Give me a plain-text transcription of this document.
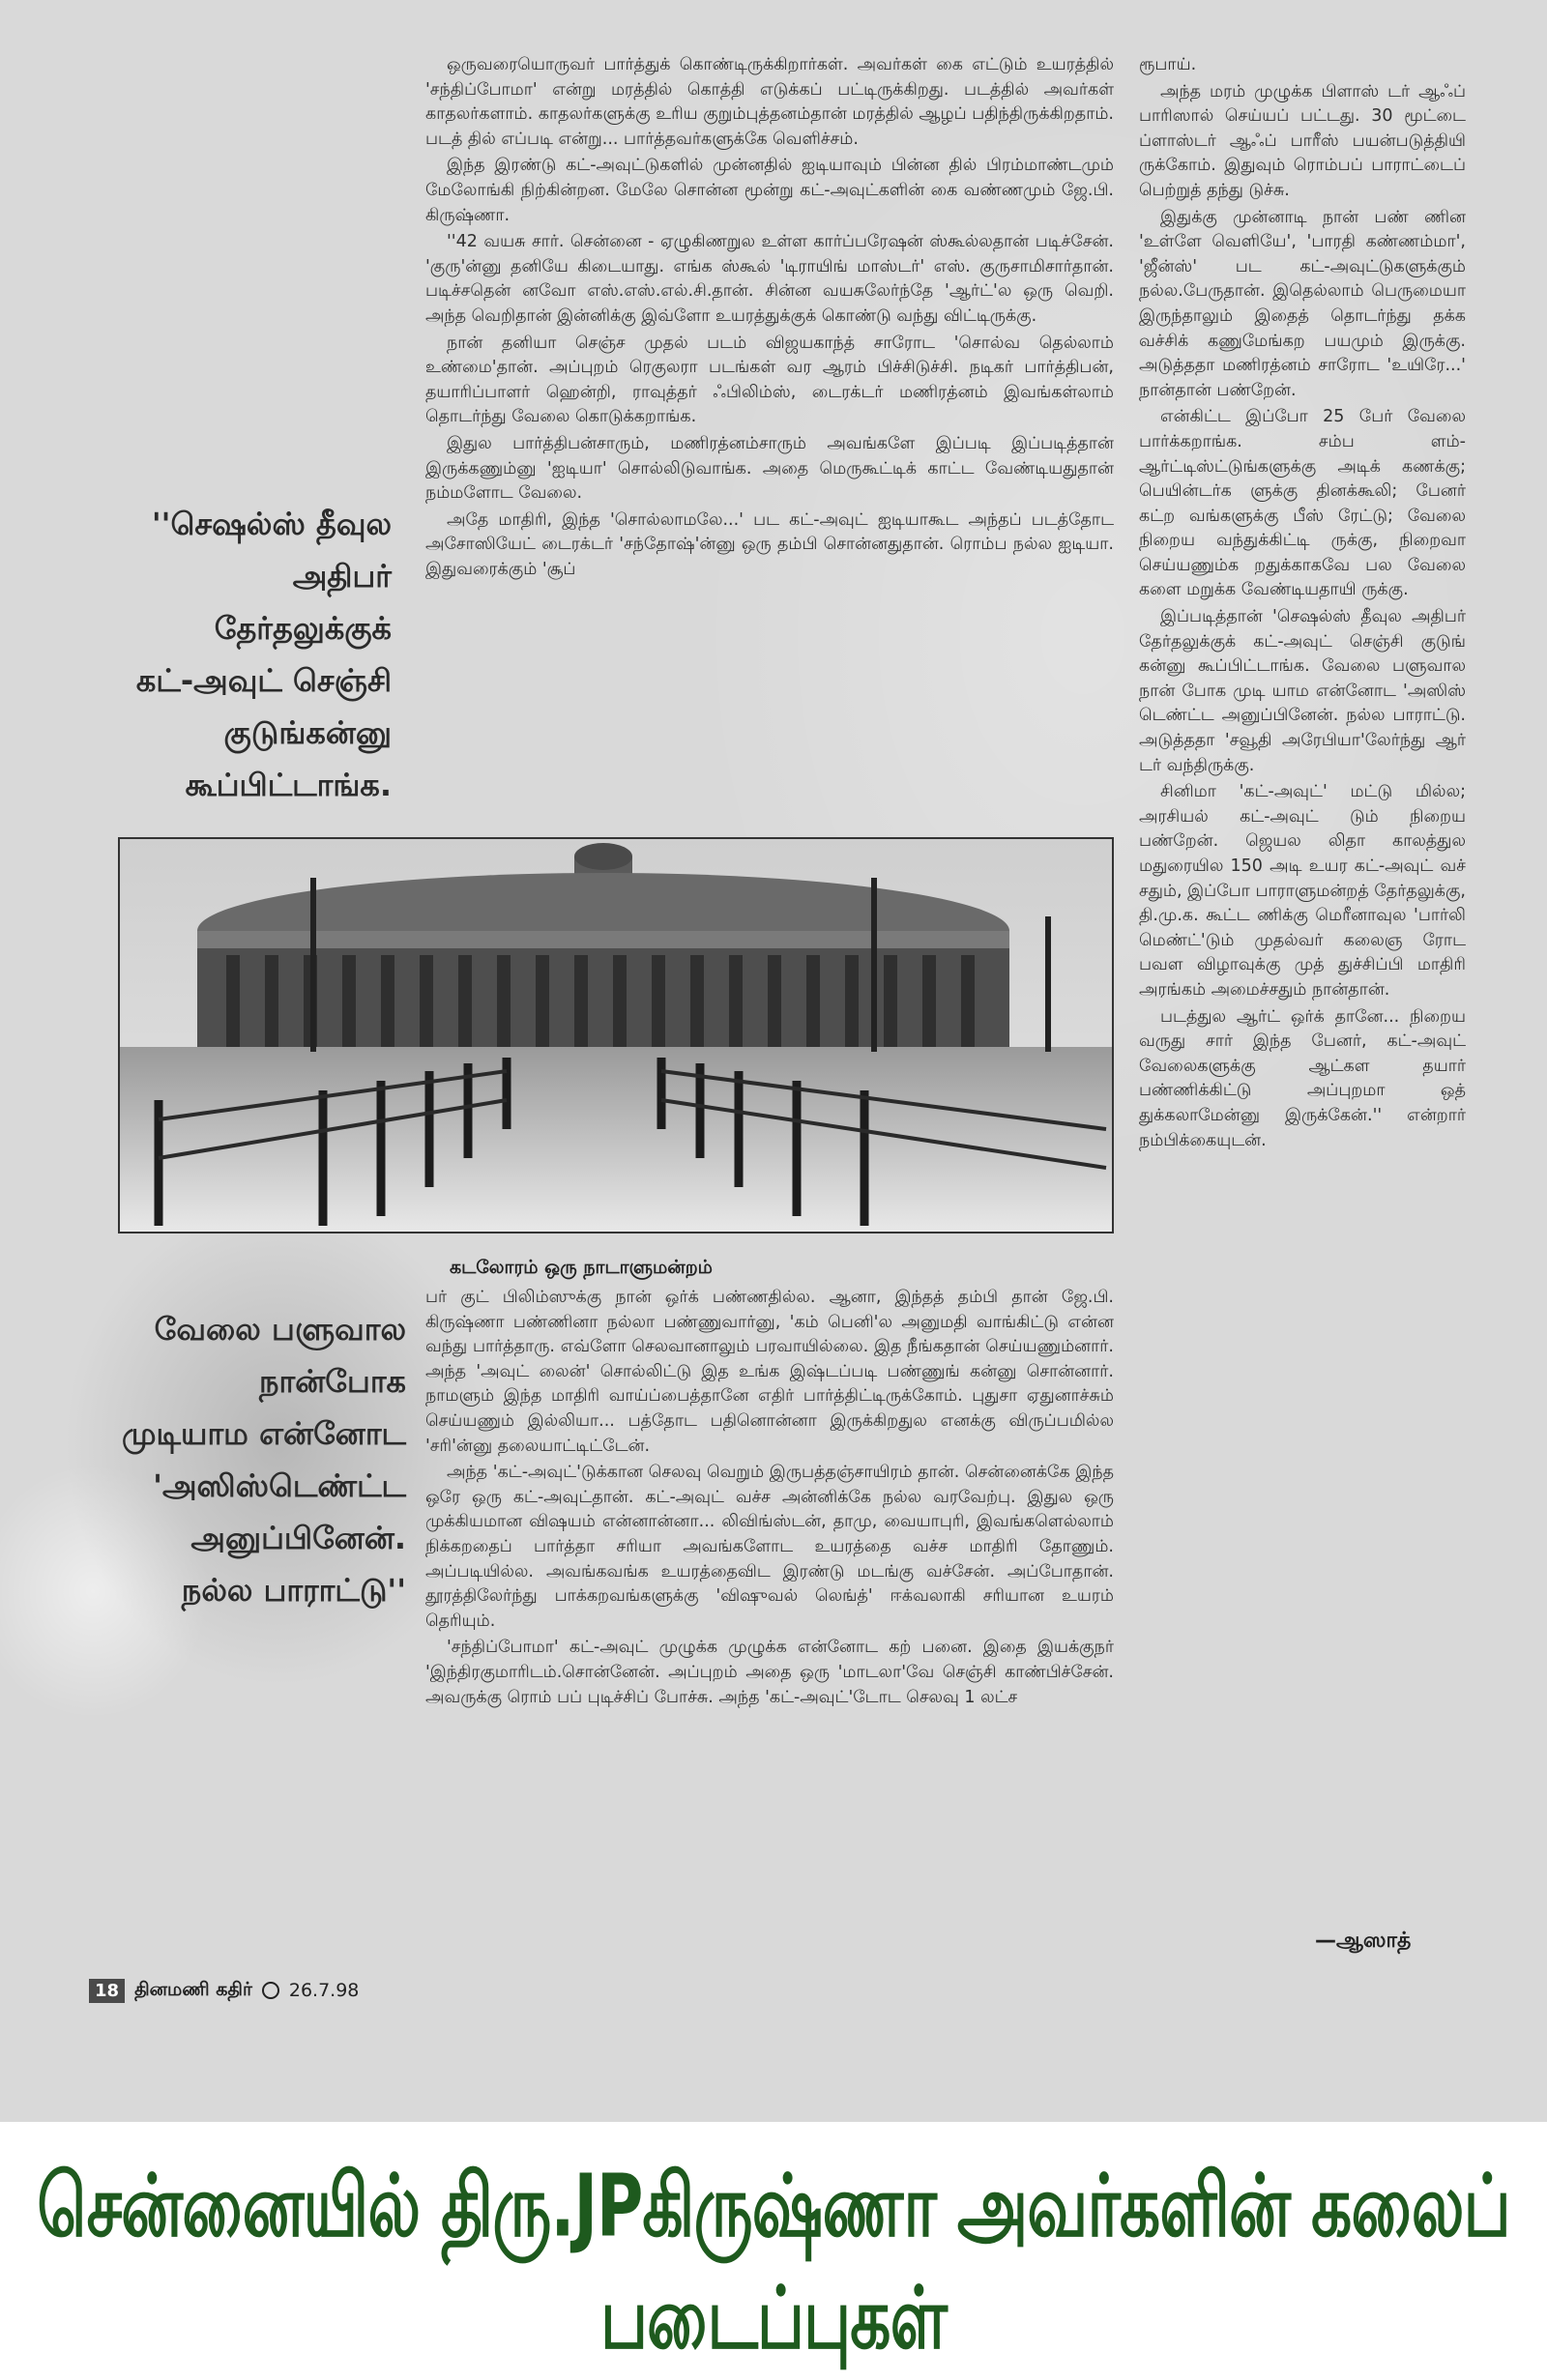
ஒருவரையொருவர் பார்த்துக் கொண்டிருக்கிறார்கள். அவர்கள் கை எட்டும் உயரத்தில் 'சந்திப்போமா' என்று மரத்தில் கொத்தி எடுக்கப் பட்டிருக்கிறது. படத்தில் அவர்கள் காதலர்களாம். காதலர்களுக்கு உரிய குறும்புத்தனம்தான் மரத்தில் ஆழப் பதிந்திருக்கிறதாம். படத் தில் எப்படி என்று... பார்த்தவர்களுக்கே வெளிச்சம்.

இந்த இரண்டு கட்-அவுட்டுகளில் முன்னதில் ஐடியாவும் பின்ன தில் பிரம்மாண்டமும் மேலோங்கி நிற்கின்றன. மேலே சொன்ன மூன்று கட்-அவுட்களின் கை வண்ணமும் ஜே.பி. கிருஷ்ணா.

''42 வயசு சார். சென்னை - ஏழுகிணறுல உள்ள கார்ப்பரேஷன் ஸ்கூல்லதான் படிச்சேன். 'குரு'ன்னு தனியே கிடையாது. எங்க ஸ்கூல் 'டிராயிங் மாஸ்டர்' எஸ். குருசாமிசார்தான். படிச்சதென் னவோ எஸ்.எஸ்.எல்.சி.தான். சின்ன வயசுலேர்ந்தே 'ஆர்ட்'ல ஒரு வெறி. அந்த வெறிதான் இன்னிக்கு இவ்ளோ உயரத்துக்குக் கொண்டு வந்து விட்டிருக்கு.

நான் தனியா செஞ்ச முதல் படம் விஜயகாந்த் சாரோட 'சொல்வ தெல்லாம் உண்மை'தான். அப்புறம் ரெகுலரா படங்கள் வர ஆரம் பிச்சிடுச்சி. நடிகர் பார்த்திபன், தயாரிப்பாளர் ஹென்றி, ராவுத்தர் ஃபிலிம்ஸ், டைரக்டர் மணிரத்னம் இவங்கள்லாம் தொடர்ந்து வேலை கொடுக்கறாங்க.

இதுல பார்த்திபன்சாரும், மணிரத்னம்சாரும் அவங்களே இப்படி இப்படித்தான் இருக்கணும்னு 'ஐடியா' சொல்லிடுவாங்க. அதை மெருகூட்டிக் காட்ட வேண்டியதுதான் நம்மளோட வேலை.

அதே மாதிரி, இந்த 'சொல்லாமலே...' பட கட்-அவுட் ஐடியாகூட அந்தப் படத்தோட அசோஸியேட் டைரக்டர் 'சந்தோஷ்'ன்னு ஒரு தம்பி சொன்னதுதான். ரொம்ப நல்ல ஐடியா. இதுவரைக்கும் 'சூப்

''செஷல்ஸ் தீவுல
அதிபர்
தேர்தலுக்குக்
கட்-அவுட் செஞ்சி
குடுங்கன்னு
கூப்பிட்டாங்க.
கடலோரம் ஒரு நாடாளுமன்றம்

பர் குட் பிலிம்ஸுக்கு நான் ஒர்க் பண்ணதில்ல. ஆனா, இந்தத் தம்பி தான் ஜே.பி. கிருஷ்ணா பண்ணினா நல்லா பண்ணுவார்னு, 'கம் பெனி'ல அனுமதி வாங்கிட்டு என்ன வந்து பார்த்தாரு. எவ்ளோ செலவானாலும் பரவாயில்லை. இத நீங்கதான் செய்யணும்னார். அந்த 'அவுட் லைன்' சொல்லிட்டு இத உங்க இஷ்டப்படி பண்ணுங் கன்னு சொன்னார். நாமளும் இந்த மாதிரி வாய்ப்பைத்தானே எதிர் பார்த்திட்டிருக்கோம். புதுசா ஏதுனாச்சும் செய்யணும் இல்லியா... பத்தோட பதினொன்னா இருக்கிறதுல எனக்கு விருப்பமில்ல 'சரி'ன்னு தலையாட்டிட்டேன்.

அந்த 'கட்-அவுட்'டுக்கான செலவு வெறும் இருபத்தஞ்சாயிரம் தான். சென்னைக்கே இந்த ஒரே ஒரு கட்-அவுட்தான். கட்-அவுட் வச்ச அன்னிக்கே நல்ல வரவேற்பு. இதுல ஒரு முக்கியமான விஷயம் என்னான்னா... லிவிங்ஸ்டன், தாமு, வையாபுரி, இவங்களெல்லாம் நிக்கறதைப் பார்த்தா சரியா அவங்களோட உயரத்தை வச்ச மாதிரி தோணும். அப்படியில்ல. அவங்கவங்க உயரத்தைவிட இரண்டு மடங்கு வச்சேன். அப்போதான். தூரத்திலேர்ந்து பாக்கறவங்களுக்கு 'விஷுவல் லெங்த்' ஈக்வலாகி சரியான உயரம் தெரியும்.

'சந்திப்போமா' கட்-அவுட் முழுக்க முழுக்க என்னோட கற் பனை. இதை இயக்குநர் 'இந்திரகுமாரிடம்.சொன்னேன். அப்புறம் அதை ஒரு 'மாடலா'வே செஞ்சி காண்பிச்சேன். அவருக்கு ரொம் பப் புடிச்சிப் போச்சு. அந்த 'கட்-அவுட்'டோட செலவு 1 லட்ச

வேலை பளுவால
நான்போக
முடியாம என்னோட
'அஸிஸ்டெண்ட்ட
அனுப்பினேன்.
நல்ல பாராட்டு''

ரூபாய்.

அந்த மரம் முழுக்க பிளாஸ் டர் ஆஃப் பாரிஸால் செய்யப் பட்டது. 30 மூட்டை ப்ளாஸ்டர் ஆஃப் பாரீஸ் பயன்படுத்தியி ருக்கோம். இதுவும் ரொம்பப் பாராட்டைப் பெற்றுத் தந்து டுச்சு.

இதுக்கு முன்னாடி நான் பண் ணின 'உள்ளே வெளியே', 'பாரதி கண்ணம்மா', 'ஜீன்ஸ்' பட கட்-அவுட்டுகளுக்கும் நல்ல.பேருதான். இதெல்லாம் பெருமையா இருந்தாலும் இதைத் தொடர்ந்து தக்க வச்சிக் கணுமேங்கற பயமும் இருக்கு. அடுத்ததா மணிரத்னம் சாரோட 'உயிரே...' நான்தான் பண்றேன்.

என்கிட்ட இப்போ 25 பேர் வேலை பார்க்கறாங்க. சம்ப ளம்- ஆர்ட்டிஸ்ட்டுங்களுக்கு அடிக் கணக்கு; பெயின்டர்க ளுக்கு தினக்கூலி; பேனர் கட்ற வங்களுக்கு பீஸ் ரேட்டு; வேலை நிறைய வந்துக்கிட்டி ருக்கு, நிறைவா செய்யணும்க றதுக்காகவே பல வேலை களை மறுக்க வேண்டியதாயி ருக்கு.

இப்படித்தான் 'செஷல்ஸ் தீவுல அதிபர் தேர்தலுக்குக் கட்-அவுட் செஞ்சி குடுங் கன்னு கூப்பிட்டாங்க. வேலை பளுவால நான் போக முடி யாம என்னோட 'அஸிஸ் டெண்ட்ட அனுப்பினேன். நல்ல பாராட்டு. அடுத்ததா 'சவூதி அரேபியா'லேர்ந்து ஆர் டர் வந்திருக்கு.

சினிமா 'கட்-அவுட்' மட்டு மில்ல; அரசியல் கட்-அவுட் டும் நிறைய பண்றேன். ஜெயல லிதா காலத்துல மதுரையில 150 அடி உயர கட்-அவுட் வச் சதும், இப்போ பாராளுமன்றத் தேர்தலுக்கு, தி.மு.க. கூட்ட ணிக்கு மெரீனாவுல 'பார்லி மெண்ட்'டும் முதல்வர் கலைஞ ரோட பவள விழாவுக்கு முத் துச்சிப்பி மாதிரி அரங்கம் அமைச்சதும் நான்தான்.

படத்துல ஆர்ட் ஒர்க் தானே... நிறைய வருது சார் இந்த பேனர், கட்-அவுட் வேலைகளுக்கு ஆட்கள தயார் பண்ணிக்கிட்டு அப்புறமா ஒத் துக்கலாமேன்னு இருக்கேன்.'' என்றார் நம்பிக்கையுடன்.

—ஆஸாத்
18 தினமணி கதிர் 26.7.98
சென்னையில் திரு.JPகிருஷ்ணா அவர்களின் கலைப் படைப்புகள்
